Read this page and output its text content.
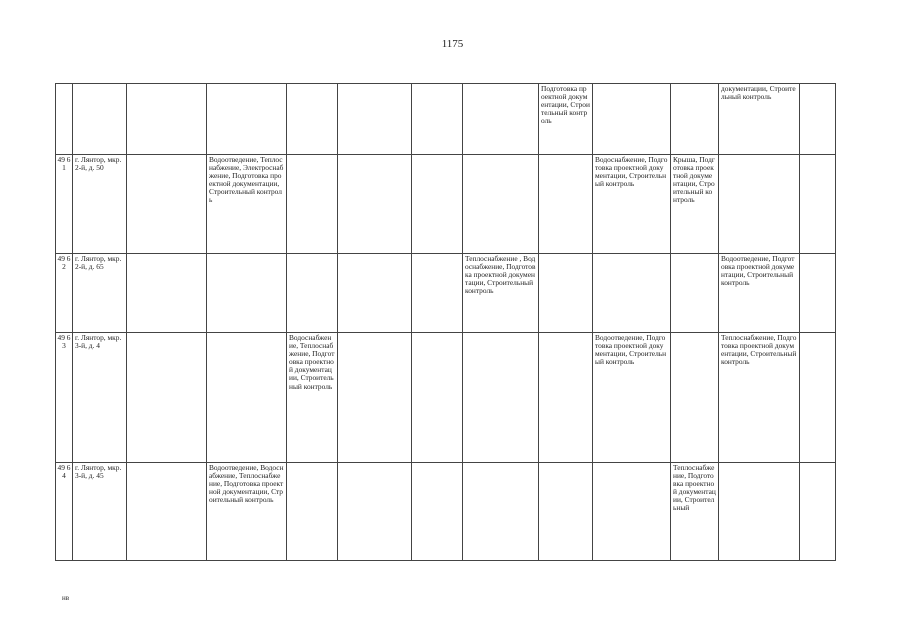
1175
								Подготовка проектной документации, Строительный контроль			документации, Строительный контроль	
49 61	г. Лянтор, мкр. 2-й, д. 50		Водоотведение, Теплоснабжение, Электроснабжение, Подготовка проектной документации, Строительный контроль						Водоснабжение, Подготовка проектной документации, Строительный контроль	Крыша, Подготовка проектной документации, Строительный контроль		
49 62	г. Лянтор, мкр. 2-й, д. 65						Теплоснабжение , Водоснабжение, Подготовка проектной документации, Строительный контроль				Водоотведение, Подготовка проектной документации, Строительный контроль	
49 63	г. Лянтор, мкр. 3-й, д. 4			Водоснабжение, Теплоснабжение, Подготовка проектной документации, Строительный контроль					Водоотведение, Подготовка проектной документации, Строительный контроль		Теплоснабжение, Подготовка проектной документации, Строительный контроль	
49 64	г. Лянтор, мкр. 3-й, д. 45		Водоотведение, Водоснабжение, Теплоснабжение, Подготовка проектной документации, Строительный контроль							Теплоснабжение, Подготовка проектной документации, Строительный		
нв
